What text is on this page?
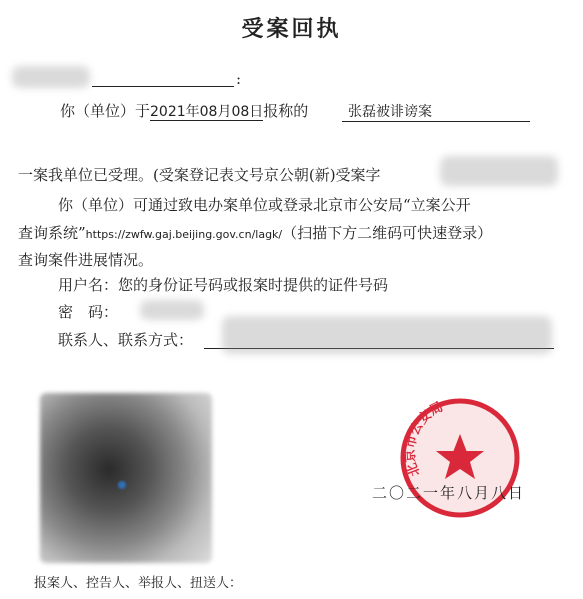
受案回执
:
你（单位）于2021年08月08日报称的	张磊被诽谤案
一案我单位已受理。(受案登记表文号京公朝(新)受案字
你（单位）可通过致电办案单位或登录北京市公安局“立案公开
查询系统”https://zwfw.gaj.beijing.gov.cn/lagk/（扫描下方二维码可快速登录）
查询案件进展情况。
用户名：您的身份证号码或报案时提供的证件号码
密　码：
联系人、联系方式：
北京市公安局
二〇二一年八月八日
报案人、控告人、举报人、扭送人：
